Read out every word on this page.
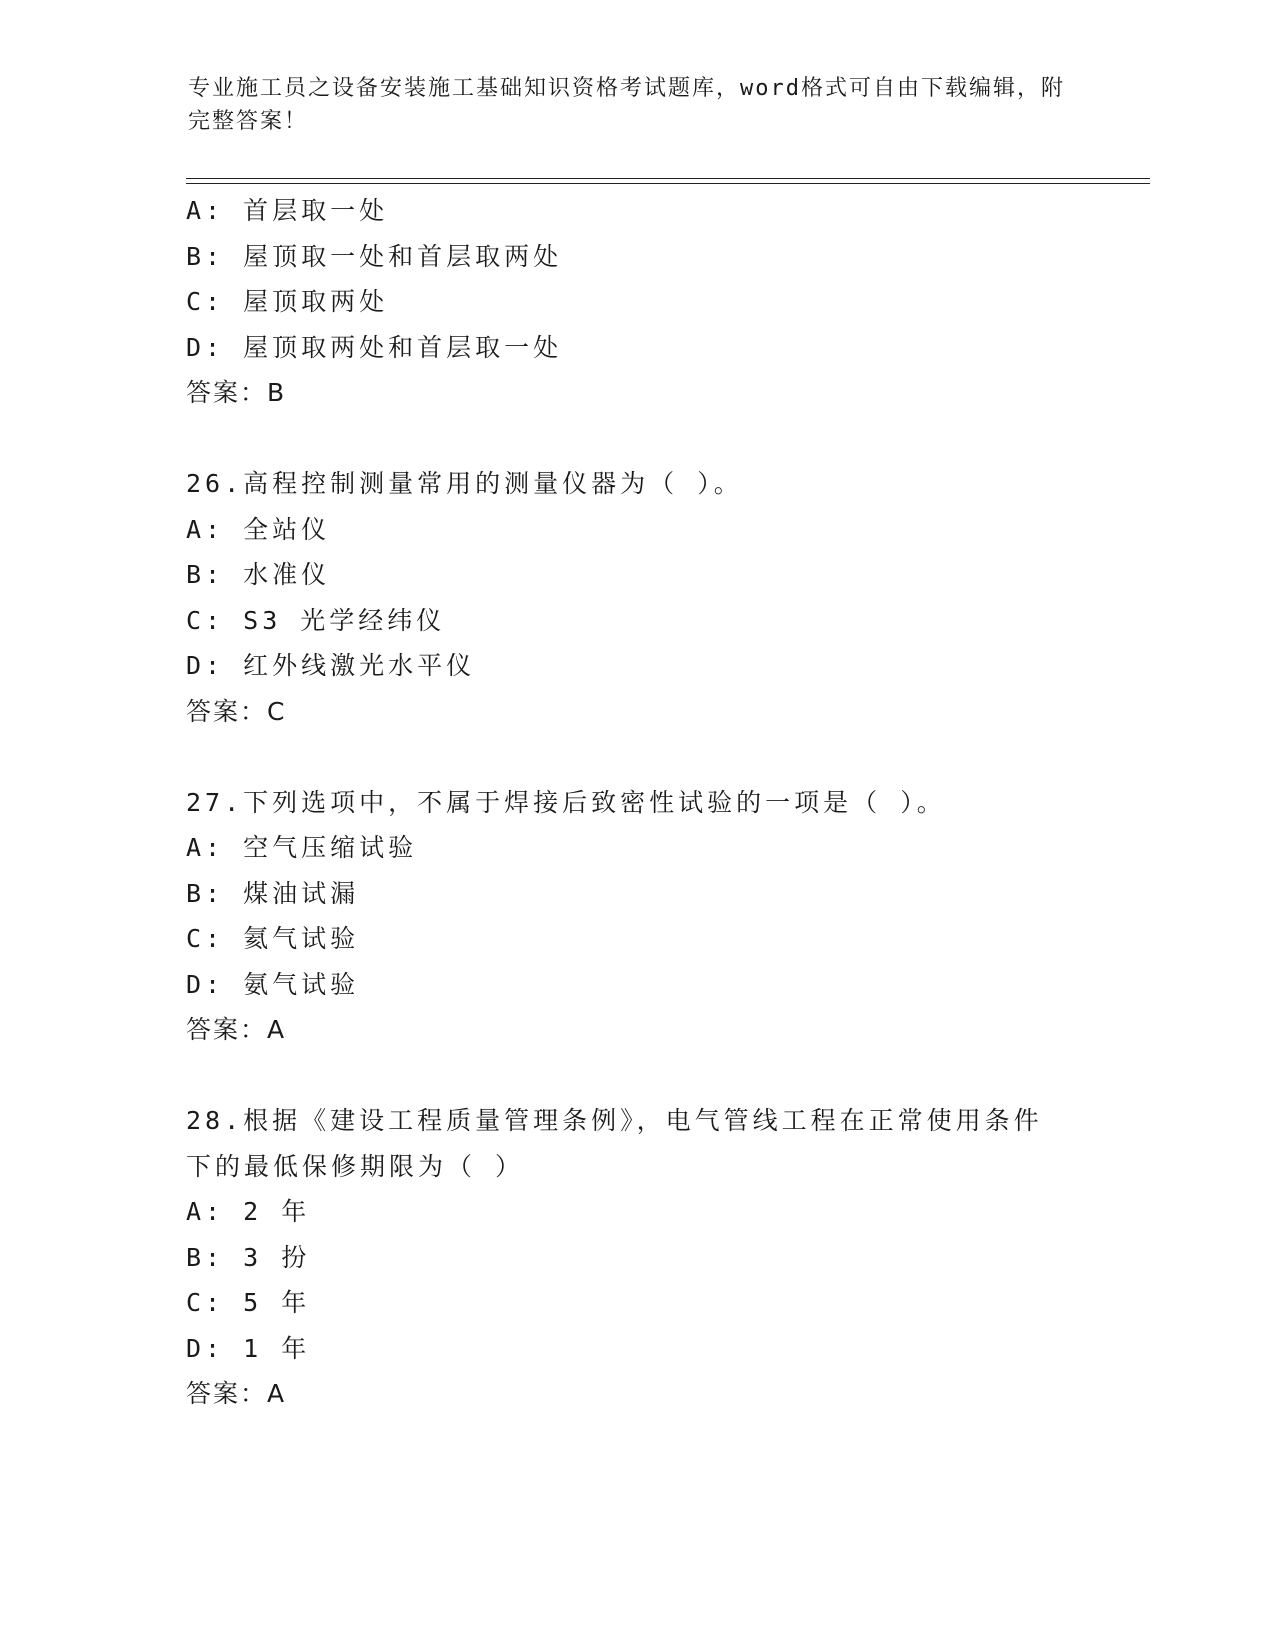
专业施工员之设备安装施工基础知识资格考试题库，word格式可自由下载编辑，附完整答案！
A: 首层取一处
B: 屋顶取一处和首层取两处
C: 屋顶取两处
D: 屋顶取两处和首层取一处
答案：B
26.高程控制测量常用的测量仪器为（ ）。
A: 全站仪
B: 水准仪
C: S3 光学经纬仪
D: 红外线激光水平仪
答案：C
27.下列选项中，不属于焊接后致密性试验的一项是（ ）。
A: 空气压缩试验
B: 煤油试漏
C: 氦气试验
D: 氨气试验
答案：A
28.根据《建设工程质量管理条例》，电气管线工程在正常使用条件下的最低保修期限为（ ）
A: 2 年
B: 3 扮
C: 5 年
D: 1 年
答案：A
